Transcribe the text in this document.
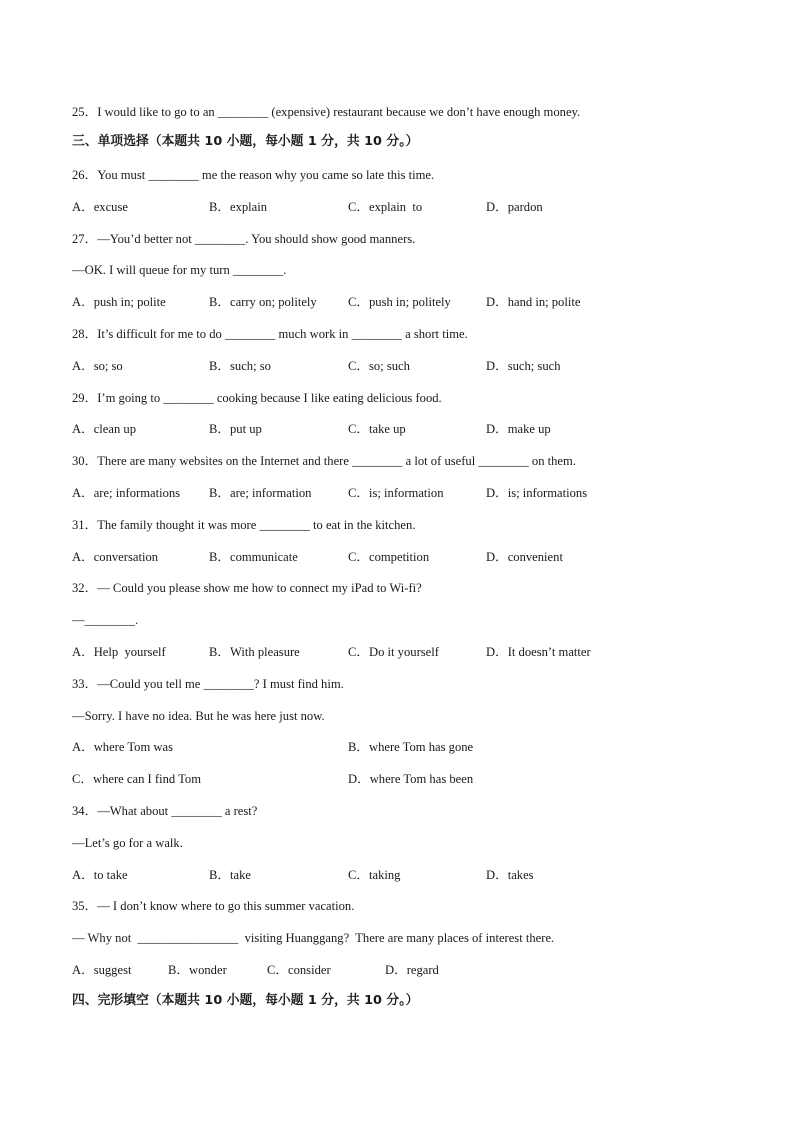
25．I would like to go to an ________ (expensive) restaurant because we don’t have enough money.
三、单项选择（本题共 10 小题，每小题 1 分，共 10 分。）
26．You must ________ me the reason why you came so late this time.
A．excuse	B．explain	C．explain  to	D．pardon
27．—You’d better not ________. You should show good manners.
—OK. I will queue for my turn ________.
A．push in; polite	B．carry on; politely C．push in; politely	D．hand in; polite
28．It’s difficult for me to do ________ much work in ________ a short time.
A．so; so	B．such; so	C．so; such	D．such; such
29．I’m going to ________ cooking because I like eating delicious food.
A．clean up	B．put up	C．take up	D．make up
30．There are many websites on the Internet and there ________ a lot of useful ________ on them.
A．are; informations B．are; information	C．is; information	D．is; informations
31．The family thought it was more ________ to eat in the kitchen.
A．conversation	B．communicate	C．competition	D．convenient
32．— Could you please show me how to connect my iPad to Wi-fi?
—________.
A．Help  yourself	B．With pleasure	C．Do it yourself	D．It doesn’t matter
33．—Could you tell me ________? I must find him.
—Sorry. I have no idea. But he was here just now.
A．where Tom was	B．where Tom has gone
C．where can I find Tom	D．where Tom has been
34．—What about ________ a rest?
—Let’s go for a walk.
A．to take	B．take	C．taking	D．takes
35．— I don’t know where to go this summer vacation.
— Why not  ________________  visiting Huanggang?  There are many places of interest there.
A．suggest	B．wonder	C．consider	D．regard
四、完形填空（本题共 10 小题，每小题 1 分，共 10 分。）
